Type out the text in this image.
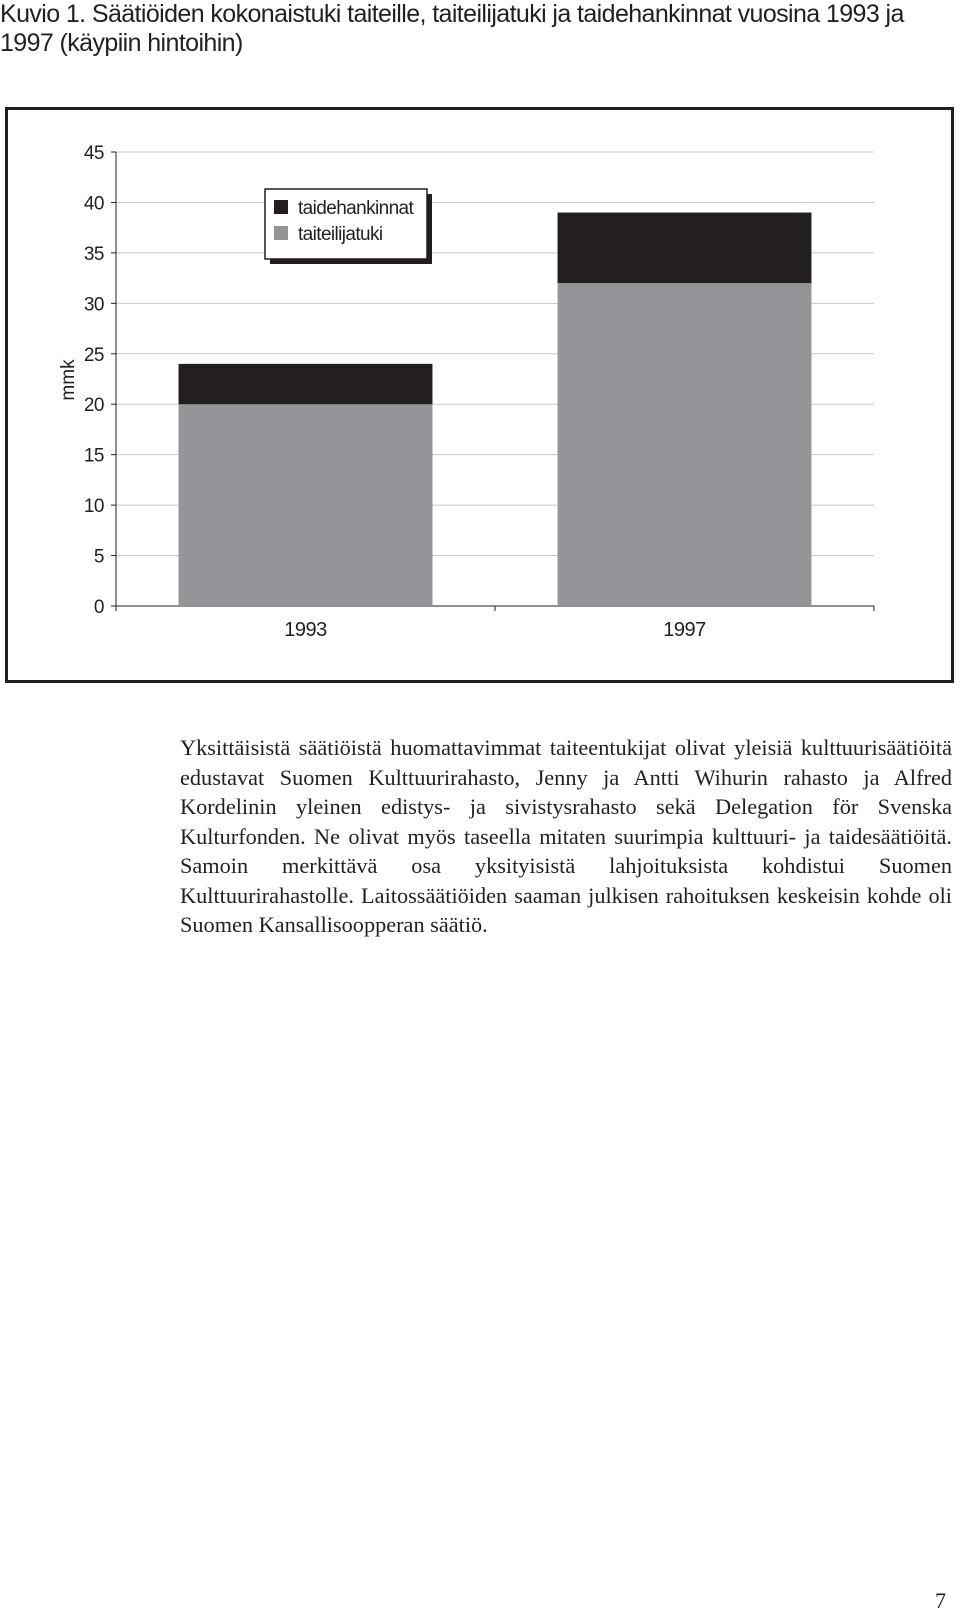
Kuvio 1. Säätiöiden kokonaistuki taiteille, taiteilijatuki ja taidehankinnat vuosina 1993 ja 1997 (käypiin hintoihin)
0
5
10
15
20
25
30
35
40
45
1993	1997
mmk
taidehankinnat
taiteilijatuki
Yksittäisistä säätiöistä huomattavimmat taiteentukijat olivat yleisiä kulttuurisäätiöitä edustavat Suomen Kulttuurirahasto, Jenny ja Antti Wihurin rahasto ja Alfred Kordelinin yleinen edistys- ja sivistysrahasto sekä Delegation för Svenska Kulturfonden. Ne olivat myös taseella mitaten suurimpia kulttuuri- ja taidesäätiöitä. Samoin merkittävä osa yksityisistä lahjoituksista kohdistui Suomen Kulttuurirahastolle. Laitossäätiöiden saaman julkisen rahoituksen keskeisin kohde oli Suomen Kansallisoopperan säätiö.
7
